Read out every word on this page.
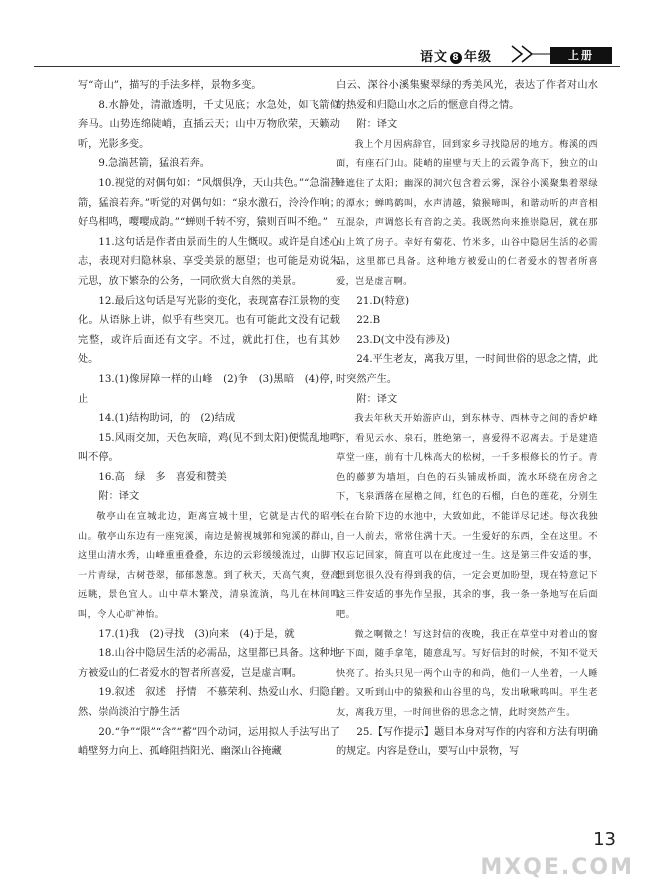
语文 8 年级	上册

写“奇山”，描写的手法多样，景物多变。

8.水静处，清澈透明，千丈见底；水急处，如飞箭似奔马。山势连绵陡峭，直插云天；山中万物欣荣，天籁动听，光影多变。

9.急湍甚箭，猛浪若奔。

10.视觉的对偶句如：“风烟俱净，天山共色。”“急湍甚箭，猛浪若奔。”听觉的对偶句如：“泉水激石，泠泠作响；好鸟相鸣，嘤嘤成韵。”“蝉则千转不穷，猿则百叫不绝。”

11.这句话是作者由景而生的人生慨叹。或许是自述心志，表现对归隐林泉、享受美景的愿望；也可能是劝说朱元思，放下繁杂的公务，一同欣赏大自然的美景。

12.最后这句话是写光影的变化，表现富春江景物的变化。从语脉上讲，似乎有些突兀。也有可能此文没有记载完整，或许后面还有文字。不过，就此打住，也有其妙处。

13.(1)像屏障一样的山峰　(2)争　(3)黑暗　(4)停，止

14.(1)结构助词，的　(2)结成

15.风雨交加，天色灰暗，鸡(见不到太阳)便慌乱地鸣叫不停。

16.高　绿　多　喜爱和赞美

附：译文

敬亭山在宣城北边，距离宣城十里，它就是古代的昭亭山。敬亭山东边有一座宛溪，南边是俯视城郭和宛溪的群山，这里山清水秀，山峰重重叠叠，东边的云彩缓缓流过，山脚下一片青绿，古树苍翠，郁郁葱葱。到了秋天，天高气爽，登高远眺，景色宜人。山中草木繁茂，清泉流淌，鸟儿在林间鸣叫，令人心旷神怡。

17.(1)我　(2)寻找　(3)向来　(4)于是，就

18.山谷中隐居生活的必需品，这里都已具备。这种地方被爱山的仁者爱水的智者所喜爱，岂是虚言啊。

19.叙述　叙述　抒情　不慕荣利、热爱山水、归隐自然、崇尚淡泊宁静生活

20.“争”“限”“含”“蓄”四个动词，运用拟人手法写出了峭壁努力向上、孤峰阻挡阳光、幽深山谷掩藏

白云、深谷小溪集聚翠绿的秀美风光，表达了作者对山水的热爱和归隐山水之后的惬意自得之情。

附：译文

我上个月因病辞官，回到家乡寻找隐居的地方。梅溪的西面，有座石门山。陡峭的崖壁与天上的云霞争高下，独立的山峰遮住了太阳；幽深的洞穴包含着云雾，深谷小溪聚集着翠绿的潭水；蝉鸣鹤叫，水声清越，猿猴啼叫，和谐动听的声音相互混杂，声调悠长有音韵之美。我既然向来推崇隐居，就在那山上筑了房子。幸好有菊花、竹米多，山谷中隐居生活的必需品，这里都已具备。这种地方被爱山的仁者爱水的智者所喜爱，岂是虚言啊。

21.D(特意)

22.B

23.D(文中没有涉及)

24.平生老友，离我万里，一时间世俗的思念之情，此时突然产生。

附：译文

我去年秋天开始游庐山，到东林寺、西林寺之间的香炉峰下，看见云水、泉石，胜绝第一，喜爱得不忍离去。于是建造草堂一座，前有十几株高大的松树，一千多根修长的竹子。青色的藤萝为墙垣，白色的石头铺成桥面，流水环绕在房舍之下，飞泉洒落在屋檐之间，红色的石榴，白色的莲花，分别生长在台阶下边的水池中，大致如此，不能详尽记述。每次我独自一人前去，常常住满十天。一生爱好的东西，全在这里。不仅忘记回家，简直可以在此度过一生。这是第三件安适的事，想到您很久没有得到我的信，一定会更加盼望，现在特意记下这三件安适的事先作呈报，其余的事，我一条一条地写在后面吧。

微之啊微之！写这封信的夜晚，我正在草堂中对着山的窗子下面，随手拿笔，随意乱写。写好信封的时候，不知不觉天快亮了。抬头只见一两个山寺的和尚，他们一人坐着，一人睡着。又听到山中的猿猴和山谷里的鸟，发出啾啾鸣叫。平生老友，离我万里，一时间世俗的思念之情，此时突然产生。

25.【写作提示】题目本身对写作的内容和方法有明确的规定。内容是登山，要写山中景物，写

13
MXQE.COM
